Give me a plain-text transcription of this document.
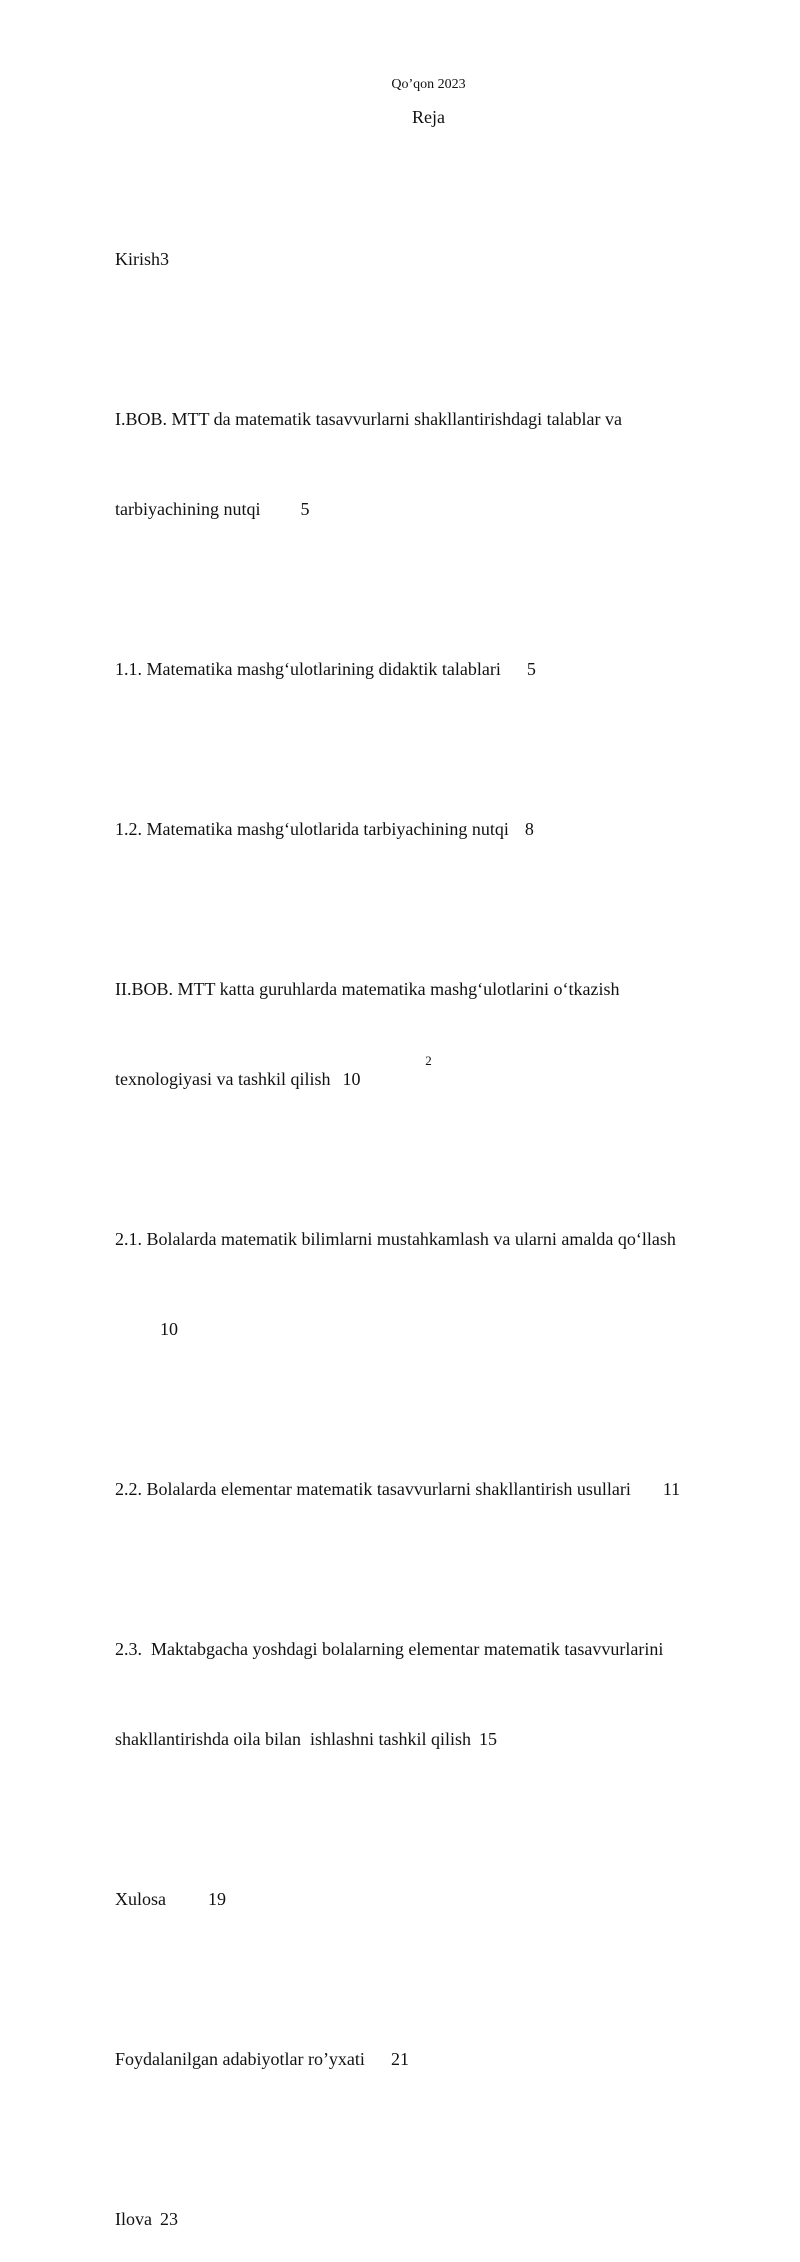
Qo’qon 2023
Reja

Kirish3

I.BOB. MTT da matematik tasavvurlarni shakllantirishdagi talablar va

tarbiyachining nutqi 5

1.1. Matematika mashg‘ulotlarining didaktik talablari 5

1.2. Matematika mashg‘ulotlarida tarbiyachining nutqi 8

II.BOB. MTT katta guruhlarda matematika mashg‘ulotlarini o‘tkazish

texnologiyasi va tashkil qilish 10

2.1. Bolalarda matematik bilimlarni mustahkamlash va ularni amalda qo‘llash

10

2.2. Bolalarda elementar matematik tasavvurlarni shakllantirish usullari 11

2.3.  Maktabgacha yoshdagi bolalarning elementar matematik tasavvurlarini

shakllantirishda oila bilan  ishlashni tashkil qilish 15

Xulosa 19

Foydalanilgan adabiyotlar ro’yxati 21

Ilova 23

2
